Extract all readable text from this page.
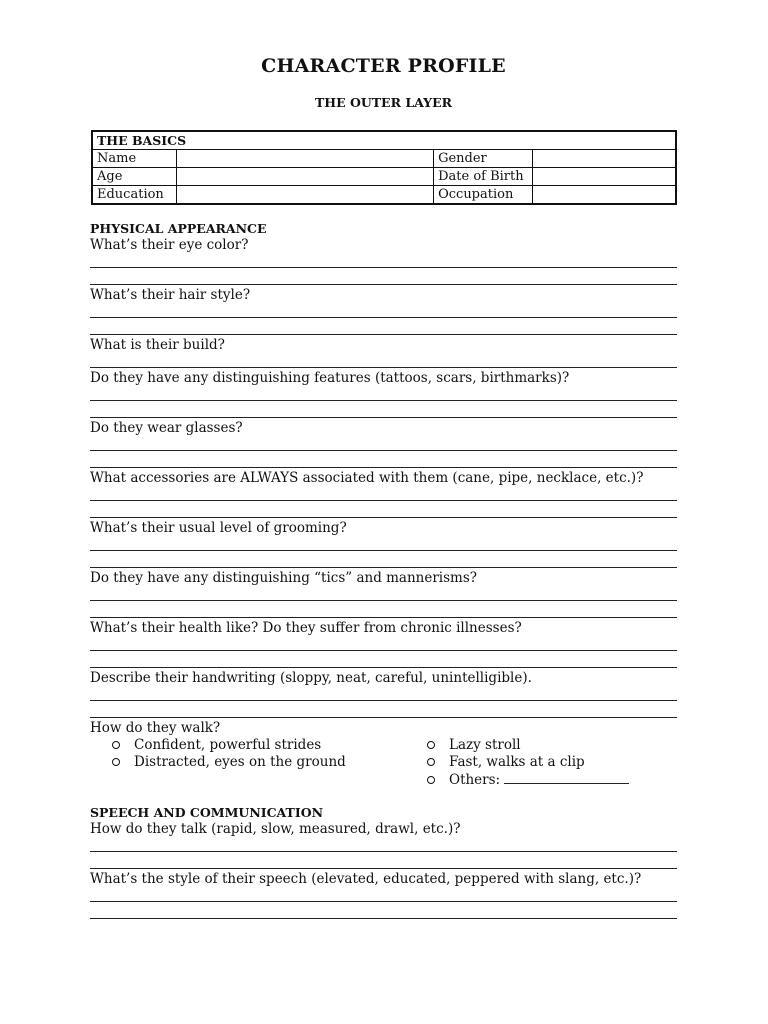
CHARACTER PROFILE
THE OUTER LAYER
THE BASICS			
Name		Gender	
Age		Date of Birth	
Education		Occupation	
PHYSICAL APPEARANCE
What’s their eye color?
What’s their hair style?
What is their build?
Do they have any distinguishing features (tattoos, scars, birthmarks)?
Do they wear glasses?
What accessories are ALWAYS associated with them (cane, pipe, necklace, etc.)?
What’s their usual level of grooming?
Do they have any distinguishing “tics” and mannerisms?
What’s their health like? Do they suffer from chronic illnesses?
Describe their handwriting (sloppy, neat, careful, unintelligible).
How do they walk?
Confident, powerful strides
Distracted, eyes on the ground
Lazy stroll
Fast, walks at a clip
Others:
SPEECH AND COMMUNICATION
How do they talk (rapid, slow, measured, drawl, etc.)?
What’s the style of their speech (elevated, educated, peppered with slang, etc.)?
